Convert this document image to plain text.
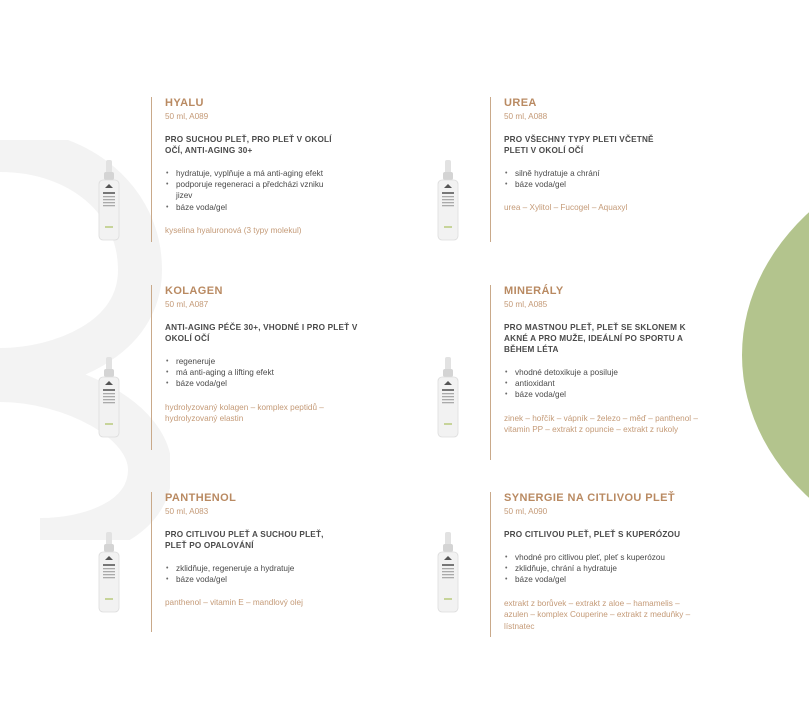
HYALU
50 ml, A089
PRO SUCHOU PLEŤ, PRO PLEŤ V OKOLÍ OČÍ, ANTI-AGING 30+
• hydratuje, vyplňuje a má anti-aging efekt
• podporuje regeneraci a předcházi vzniku jizev
• báze voda/gel
kyselina hyaluronová (3 typy molekul)
UREA
50 ml, A088
PRO VŠECHNY TYPY PLETI VČETNĚ PLETI V OKOLÍ OČÍ
• silně hydratuje a chrání
• báze voda/gel
urea – Xylitol – Fucogel – Aquaxyl
KOLAGEN
50 ml, A087
ANTI-AGING PÉČE 30+, VHODNÉ I PRO PLEŤ V OKOLÍ OČÍ
• regeneruje
• má anti-aging a lifting efekt
• báze voda/gel
hydrolyzovaný kolagen – komplex peptidů – hydrolyzovaný elastin
MINERÁLY
50 ml, A085
PRO MASTNOU PLEŤ, PLEŤ SE SKLONEM K AKNÉ A PRO MUŽE, IDEÁLNÍ PO SPORTU A BĚHEM LÉTA
• vhodné detoxikuje a posiluje
• antioxidant
• báze voda/gel
zinek – hořčík – vápník – železo – měď – panthenol – vitamin PP – extrakt z opuncie – extrakt z rukoly
PANTHENOL
50 ml, A083
PRO CITLIVOU PLEŤ A SUCHOU PLEŤ, PLEŤ PO OPALOVÁNÍ
• zklidňuje, regeneruje a hydratuje
• báze voda/gel
panthenol – vitamin E – mandlový olej
SYNERGIE NA CITLIVOU PLEŤ
50 ml, A090
PRO CITLIVOU PLEŤ, PLEŤ S KUPERÓZOU
• vhodné pro citlivou pleť, pleť s kuperózou
• zklidňuje, chrání a hydratuje
• báze voda/gel
extrakt z borůvek – extrakt z aloe – hamamelis – azulen – komplex Couperine – extrakt z meduňky – lístnatec
